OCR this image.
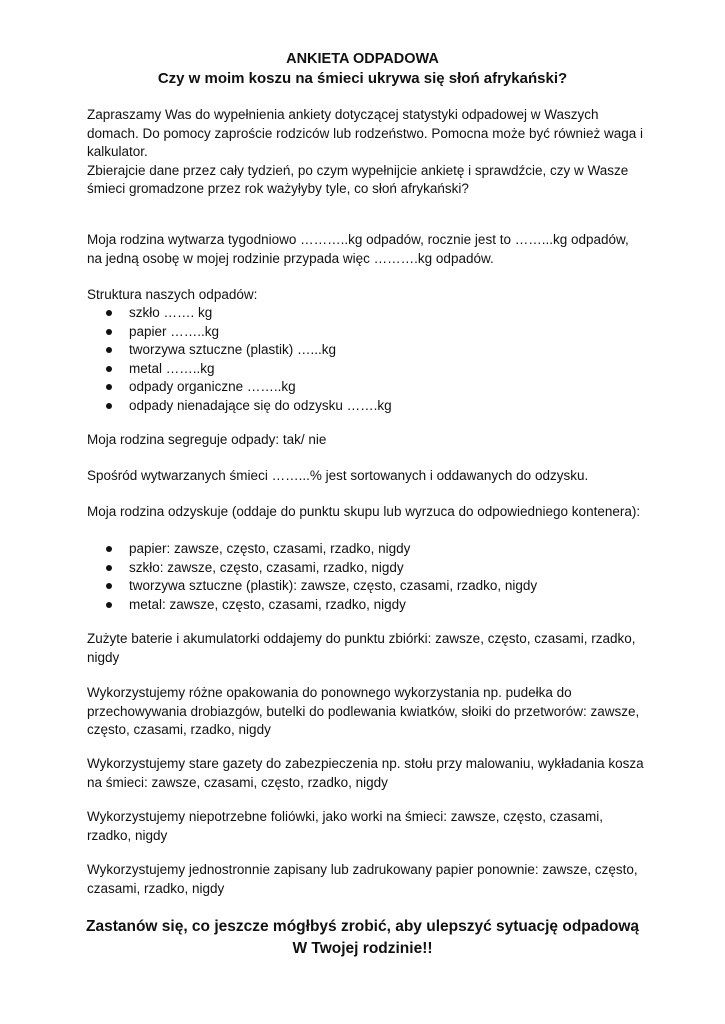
ANKIETA ODPADOWA
Czy w moim koszu na śmieci ukrywa się słoń afrykański?

Zapraszamy Was do wypełnienia ankiety dotyczącej statystyki odpadowej w Waszych domach. Do pomocy zaproście rodziców lub rodzeństwo. Pomocna może być również waga i kalkulator.

Zbierajcie dane przez cały tydzień, po czym wypełnijcie ankietę i sprawdźcie, czy w Wasze śmieci gromadzone przez rok ważyłyby tyle, co słoń afrykański?

Moja rodzina wytwarza tygodniowo ………..kg odpadów, rocznie jest to ……...kg odpadów, na jedną osobę w mojej rodzinie przypada więc ……….kg odpadów.

Struktura naszych odpadów:

szkło ……. kg
papier ……..kg
tworzywa sztuczne (plastik) …...kg
metal ……..kg
odpady organiczne ……..kg
odpady nienadające się do odzysku …….kg

Moja rodzina segreguje odpady: tak/ nie

Spośród wytwarzanych śmieci ……...% jest sortowanych i oddawanych do odzysku.

Moja rodzina odzyskuje (oddaje do punktu skupu lub wyrzuca do odpowiedniego kontenera):

papier: zawsze, często, czasami, rzadko, nigdy
szkło: zawsze, często, czasami, rzadko, nigdy
tworzywa sztuczne (plastik): zawsze, często, czasami, rzadko, nigdy
metal: zawsze, często, czasami, rzadko, nigdy

Zużyte baterie i akumulatorki oddajemy do punktu zbiórki: zawsze, często, czasami, rzadko, nigdy

Wykorzystujemy różne opakowania do ponownego wykorzystania np. pudełka do przechowywania drobiazgów, butelki do podlewania kwiatków, słoiki do przetworów: zawsze, często, czasami, rzadko, nigdy

Wykorzystujemy stare gazety do zabezpieczenia np. stołu przy malowaniu, wykładania kosza na śmieci: zawsze, czasami, często, rzadko, nigdy

Wykorzystujemy niepotrzebne foliówki, jako worki na śmieci: zawsze, często, czasami, rzadko, nigdy

Wykorzystujemy jednostronnie zapisany lub zadrukowany papier ponownie: zawsze, często, czasami, rzadko, nigdy

Zastanów się, co jeszcze mógłbyś zrobić, aby ulepszyć sytuację odpadową
W Twojej rodzinie!!
